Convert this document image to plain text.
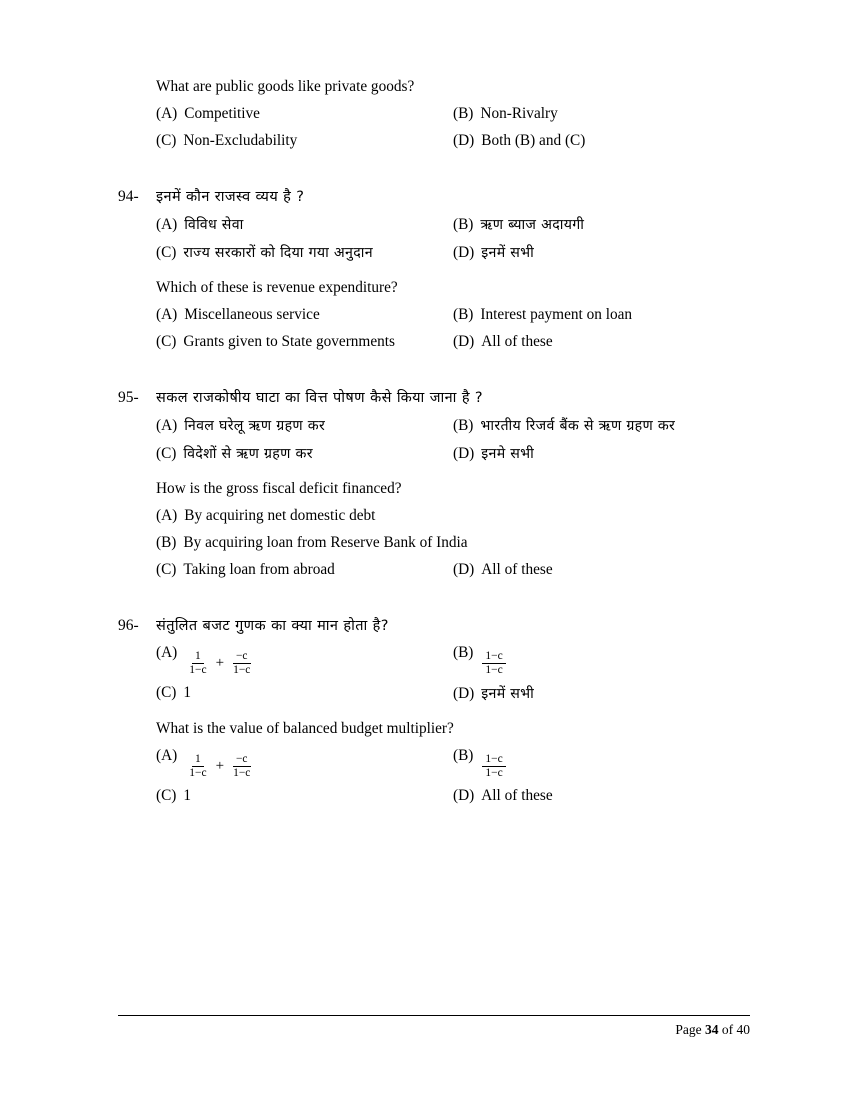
What are public goods like private goods?
(A) Competitive	(B) Non-Rivalry
(C) Non-Excludability	(D) Both (B) and (C)
94-	इनमें कौन राजस्व व्यय है ?
(A) विविध सेवा	(B) ऋण ब्याज अदायगी
(C) राज्य सरकारों को दिया गया अनुदान	(D) इनमें सभी
Which of these is revenue expenditure?
(A) Miscellaneous service	(B) Interest payment on loan
(C) Grants given to State governments	(D) All of these
95-	सकल राजकोषीय घाटा का वित्त पोषण कैसे किया जाना है ?
(A) निवल घरेलू ऋण ग्रहण कर	(B) भारतीय रिजर्व बैंक से ऋण ग्रहण कर
(C) विदेशों से ऋण ग्रहण कर	(D) इनमे सभी
How is the gross fiscal deficit financed?
(A) By acquiring net domestic debt
(B) By acquiring loan from Reserve Bank of India
(C) Taking loan from abroad	(D) All of these
96-	संतुलित बजट गुणक का क्या मान होता है?
$(A) \frac{1}{1-c} + \frac{-c}{1-c}$	$(B) \frac{1-c}{1-c}$
(C) 1	(D) इनमें सभी
What is the value of balanced budget multiplier?
$(A) \frac{1}{1-c} + \frac{-c}{1-c}$	$(B) \frac{1-c}{1-c}$
(C) 1	(D) All of these
Page 34 of 40
